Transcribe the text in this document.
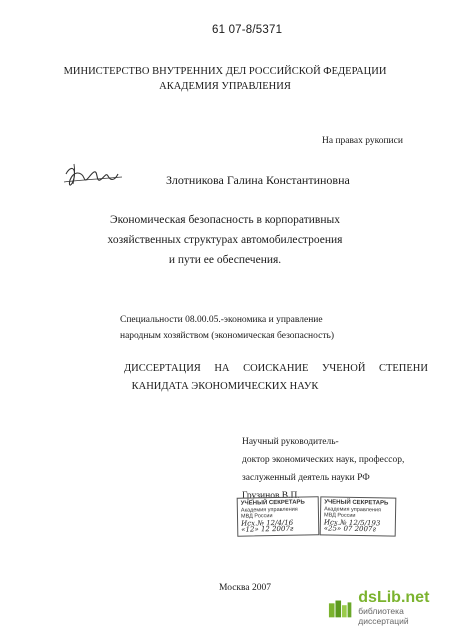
61 07-8/5371
МИНИСТЕРСТВО ВНУТРЕННИХ ДЕЛ РОССИЙСКОЙ ФЕДЕРАЦИИ
АКАДЕМИЯ УПРАВЛЕНИЯ
На правах рукописи
Злотникова Галина Константиновна
Экономическая безопасность в корпоративных
хозяйственных структурах автомобилестроения
и пути ее обеспечения.
Специальности 08.00.05.-экономика и управление
народным хозяйством (экономическая безопасность)
ДИССЕРТАЦИЯ НА СОИСКАНИЕ УЧЕНОЙ СТЕПЕНИ
КАНИДАТА ЭКОНОМИЧЕСКИХ НАУК
Научный руководитель-
доктор экономических наук, профессор,
заслуженный деятель науки РФ
Грузинов В.П.
УЧЕНЫЙ СЕКРЕТАРЬ
Академия управления
МВД России
Исх.№ 12/4/16
«12» 12 2007г
УЧЕНЫЙ СЕКРЕТАРЬ
Академия управления
МВД России
Исх.№ 12/5/193
«25» 07 2007г
Москва 2007
dsLib.net
библиотека диссертаций
